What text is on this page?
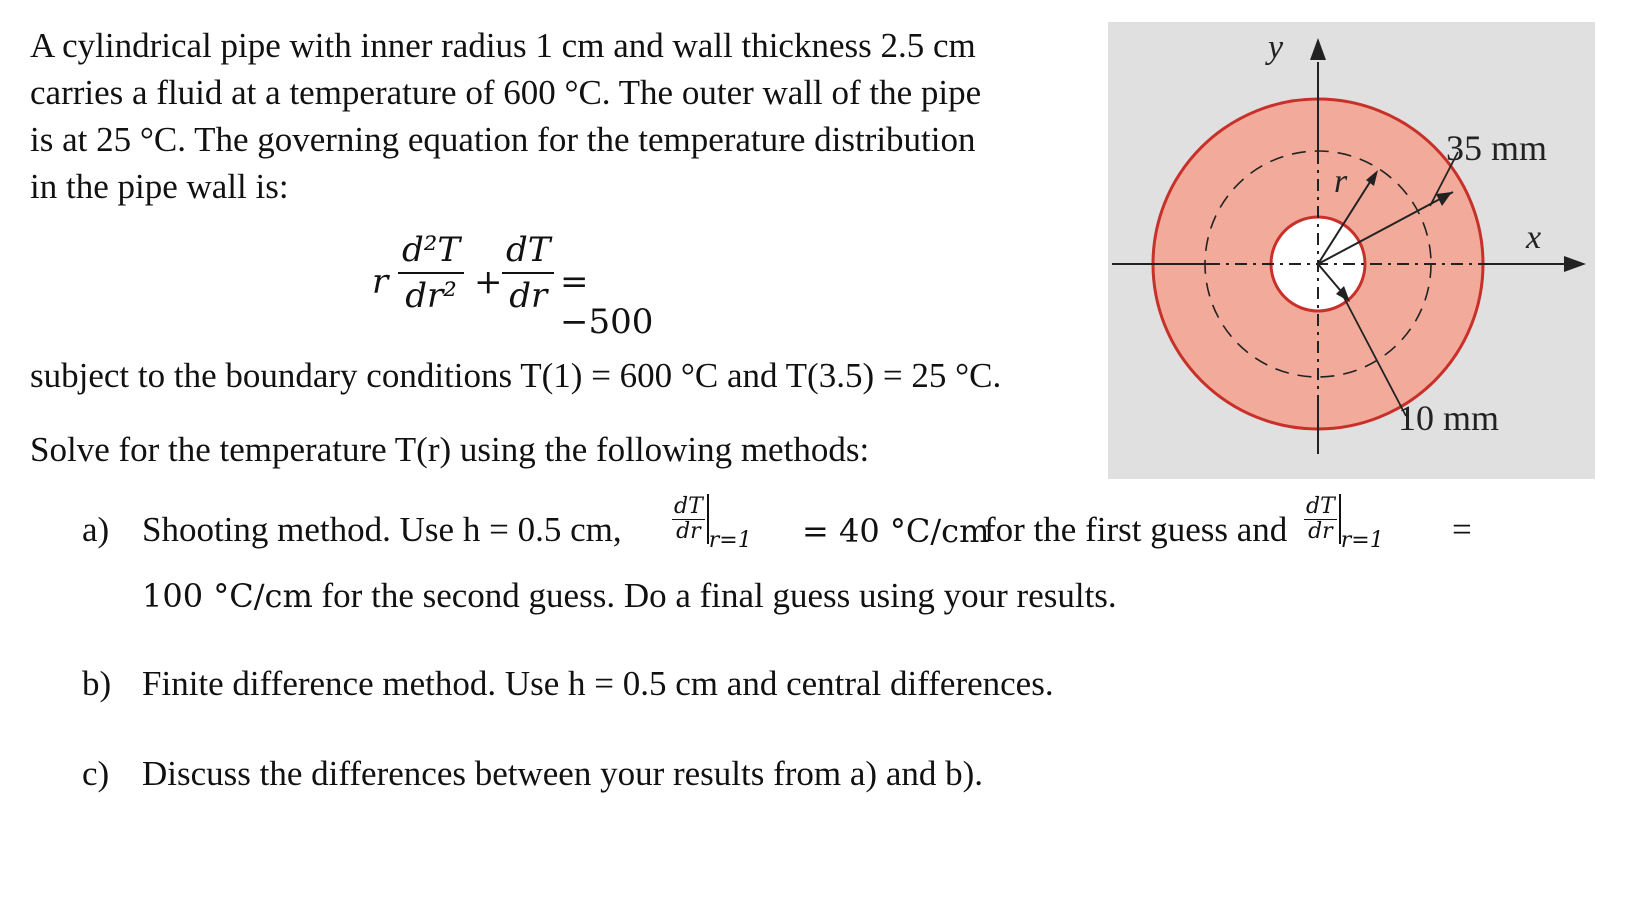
A cylindrical pipe with inner radius 1 cm and wall thickness 2.5 cm
carries a fluid at a temperature of 600 °C. The outer wall of the pipe
is at 25 °C. The governing equation for the temperature distribution
in the pipe wall is:
r $\frac{\text{d²T}}{\text{dr²}} + \frac{dT}{dr} = -500$
subject to the boundary conditions T(1) = 600 °C and T(3.5) = 25 °C.
Solve for the temperature T(r) using the following methods:
a) Shooting method. Use h = 0.5 cm, $\frac{dT}{dr} _{r=1} = 40$ °C/cm
for the first guess and $\frac{dT}{dr} _{r=1}$ =
100 °C/cm for the second guess. Do a final guess using your results.
b) Finite difference method. Use h = 0.5 cm and central differences.
c) Discuss the differences between your results from a) and b).
y
x
r
35 mm
10 mm
